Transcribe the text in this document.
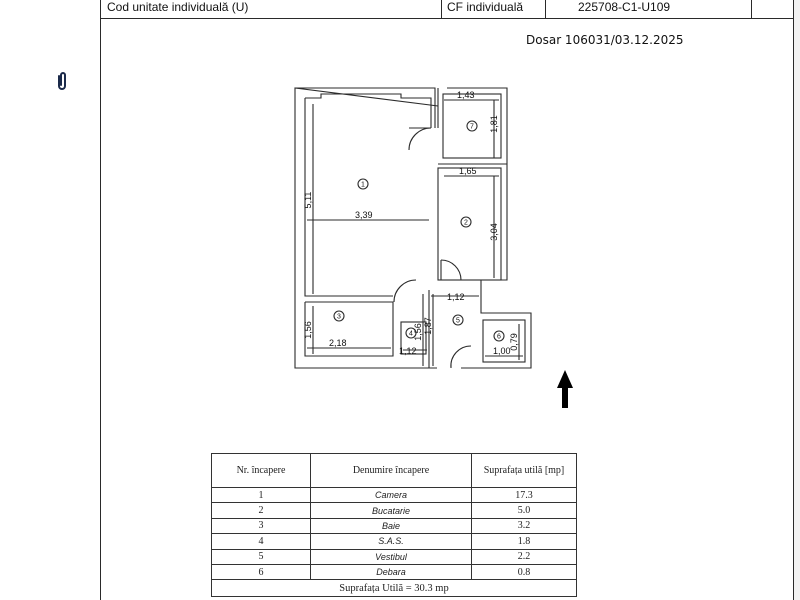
Cod unitate individuală (U)	CF individuală	225708-C1-U109
Dosar 106031/03.12.2025
1
2
3
4
5
6
7
1,43
1,81
1,65
5,11
3,39
3,04
1,12
1,56
2,18
1,56 1,87
1,12	1,00
0,79
Nr. încapere	Denumire încapere	Suprafața utilă [mp]
1	Camera	17.3
2	Bucatarie	5.0
3	Baie	3.2
4	S.A.S.	1.8
5	Vestibul	2.2
6	Debara	0.8
Suprafața Utilă = 30.3 mp		
